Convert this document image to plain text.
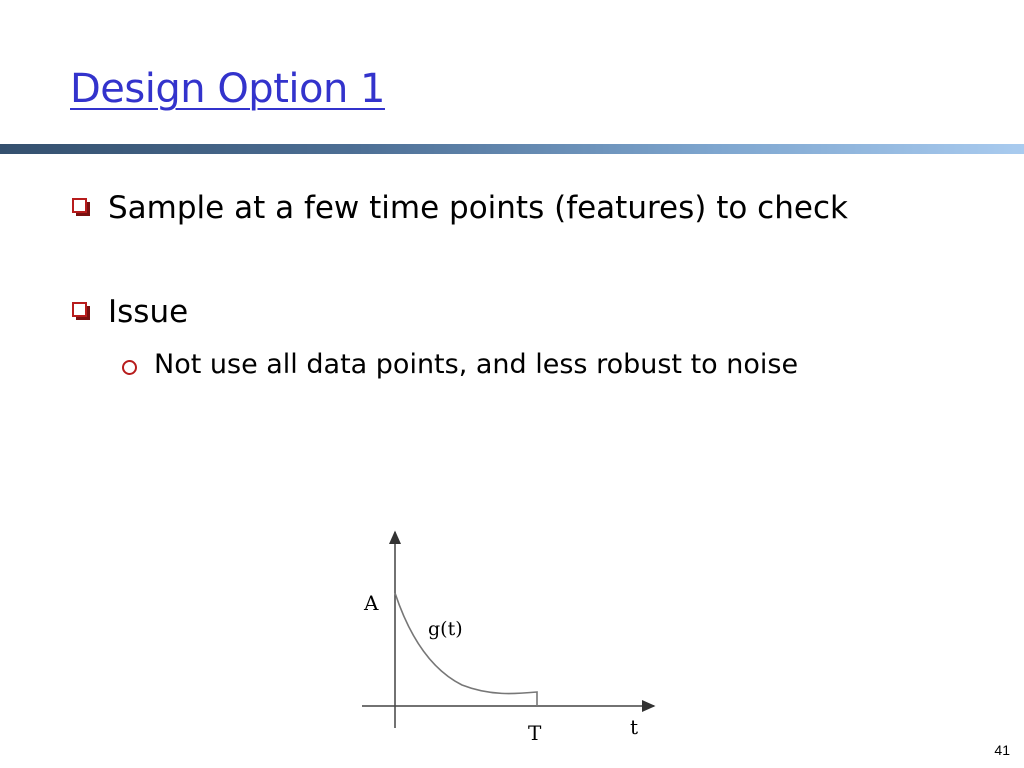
Design Option 1
Sample at a few time points (features) to check
Issue
Not use all data points, and less robust to noise
A
g(t)
T	t
41
